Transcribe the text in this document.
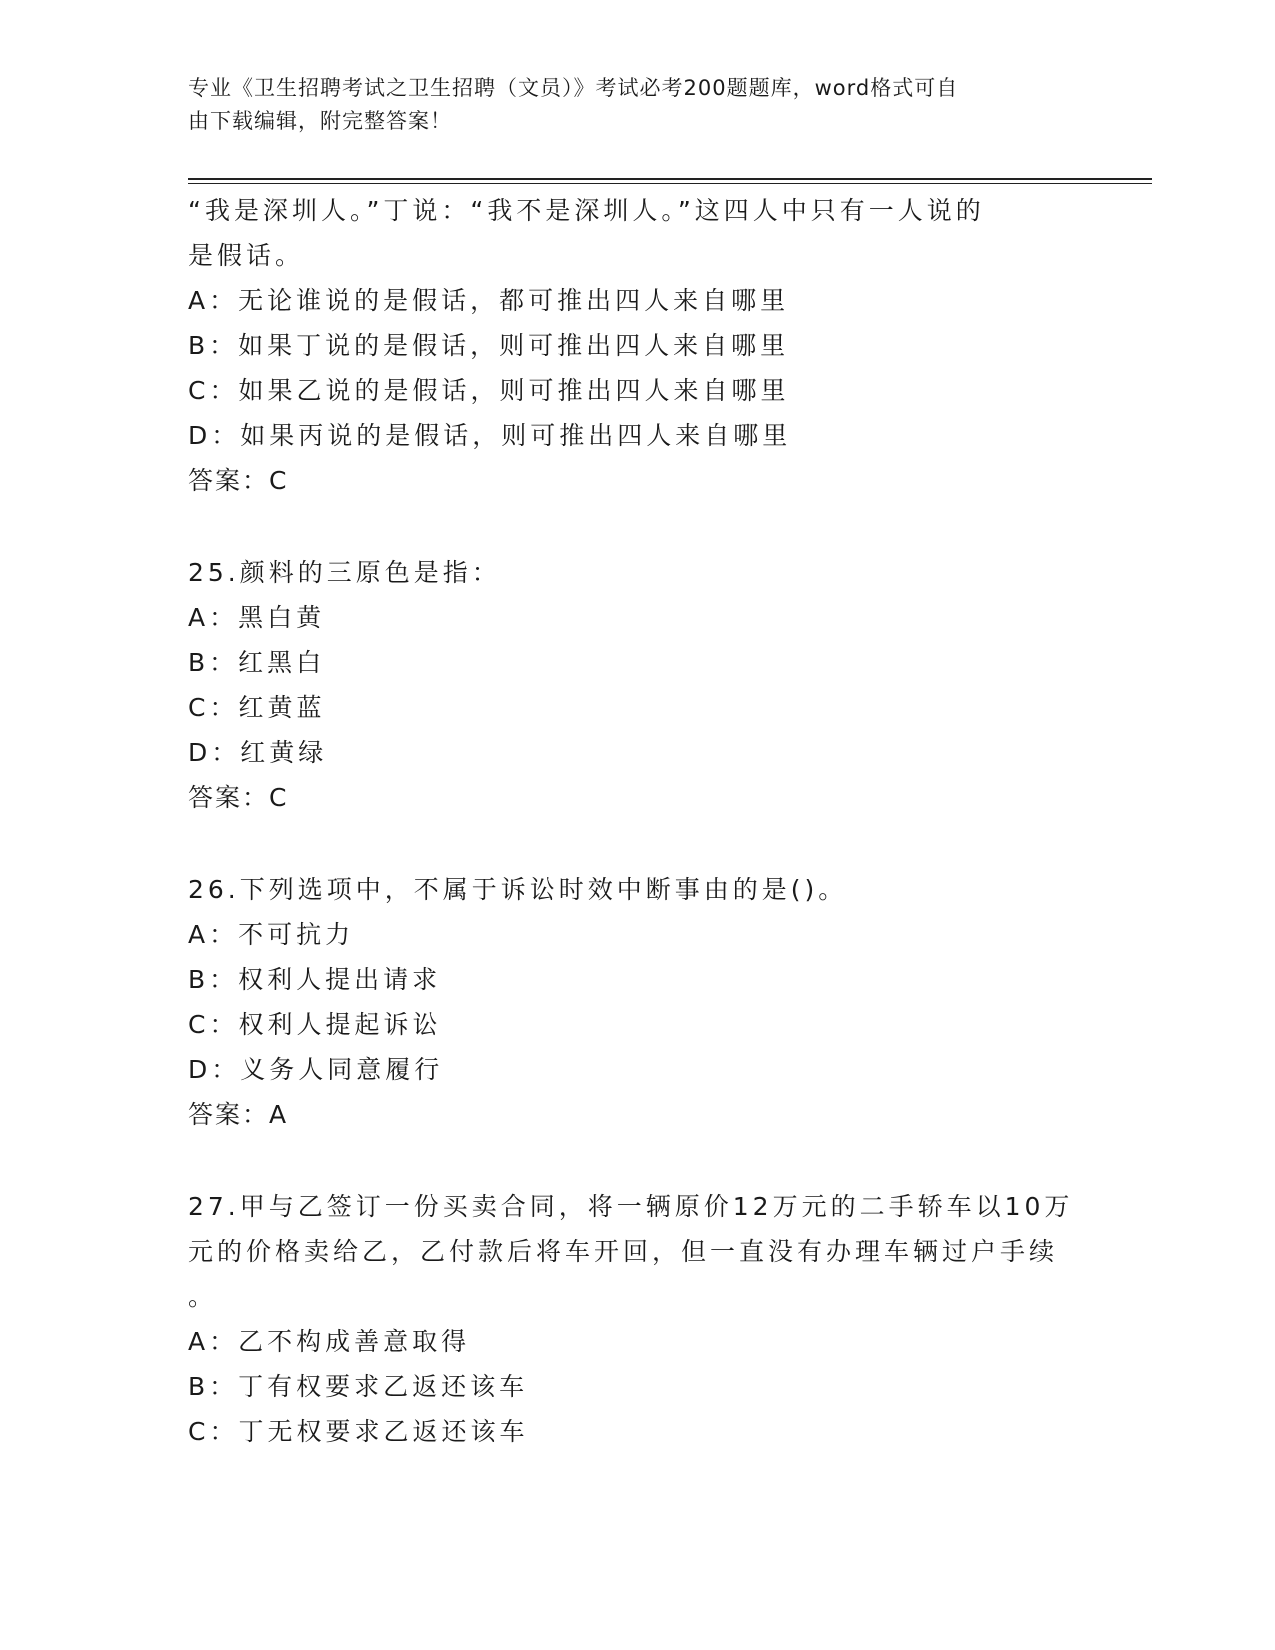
专业《卫生招聘考试之卫生招聘（文员）》考试必考200题题库，word格式可自
由下载编辑，附完整答案！
“我是深圳人。”丁说：“我不是深圳人。”这四人中只有一人说的
是假话。
A：无论谁说的是假话，都可推出四人来自哪里
B：如果丁说的是假话，则可推出四人来自哪里
C：如果乙说的是假话，则可推出四人来自哪里
D：如果丙说的是假话，则可推出四人来自哪里
答案：C
25.颜料的三原色是指：
A：黑白黄
B：红黑白
C：红黄蓝
D：红黄绿
答案：C
26.下列选项中，不属于诉讼时效中断事由的是()。
A：不可抗力
B：权利人提出请求
C：权利人提起诉讼
D：义务人同意履行
答案：A
27.甲与乙签订一份买卖合同，将一辆原价12万元的二手轿车以10万
元的价格卖给乙，乙付款后将车开回，但一直没有办理车辆过户手续
。
A：乙不构成善意取得
B：丁有权要求乙返还该车
C：丁无权要求乙返还该车
